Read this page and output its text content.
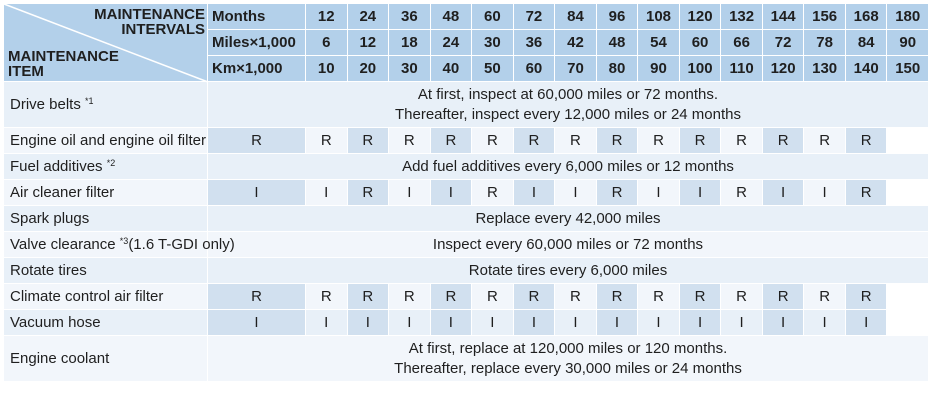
MAINTENANCE
INTERVALS
MAINTENANCE
ITEM	Months	12	24	36	48	60	72	84	96	108	120	132	144	156	168	180
	Miles×1,000	6	12	18	24	30	36	42	48	54	60	66	72	78	84	90
	Km×1,000	10	20	30	40	50	60	70	80	90	100	110	120	130	140	150
Drive belts $^{*1}$	At first, inspect at 60,000 miles or 72 months.
Thereafter, inspect every 12,000 miles or 24 months															
Engine oil and engine oil filter	R	R	R	R	R	R	R	R	R	R	R	R	R	R	R	
Fuel additives $^{*2}$	Add fuel additives every 6,000 miles or 12 months															
Air cleaner filter	I	I	R	I	I	R	I	I	R	I	I	R	I	I	R	
Spark plugs	Replace every 42,000 miles															
Valve clearance $^{*3}$(1.6 T-GDI only)	Inspect every 60,000 miles or 72 months															
Rotate tires	Rotate tires every 6,000 miles															
Climate control air filter	R	R	R	R	R	R	R	R	R	R	R	R	R	R	R	
Vacuum hose	I	I	I	I	I	I	I	I	I	I	I	I	I	I	I	
Engine coolant	At first, replace at 120,000 miles or 120 months.
Thereafter, replace every 30,000 miles or 24 months															
